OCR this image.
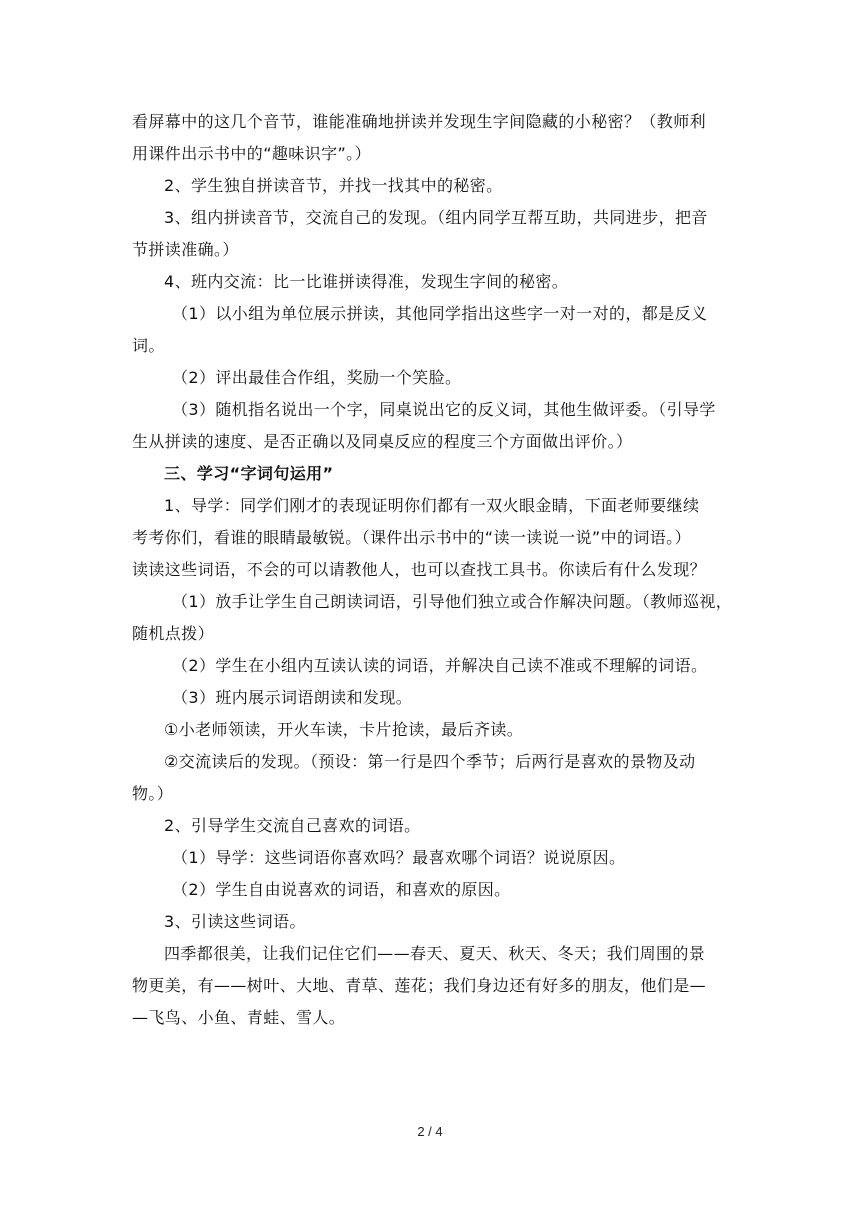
看屏幕中的这几个音节，谁能准确地拼读并发现生字间隐藏的小秘密？（教师利
用课件出示书中的“趣味识字”。）
2、学生独自拼读音节，并找一找其中的秘密。
3、组内拼读音节，交流自己的发现。（组内同学互帮互助，共同进步，把音
节拼读准确。）
4、班内交流：比一比谁拼读得准，发现生字间的秘密。
（1）以小组为单位展示拼读，其他同学指出这些字一对一对的，都是反义
词。
（2）评出最佳合作组，奖励一个笑脸。
（3）随机指名说出一个字，同桌说出它的反义词，其他生做评委。（引导学
生从拼读的速度、是否正确以及同桌反应的程度三个方面做出评价。）
三、学习“字词句运用”
1、导学：同学们刚才的表现证明你们都有一双火眼金睛，下面老师要继续
考考你们，看谁的眼睛最敏锐。（课件出示书中的“读一读说一说”中的词语。）
读读这些词语，不会的可以请教他人，也可以查找工具书。你读后有什么发现？
（1）放手让学生自己朗读词语，引导他们独立或合作解决问题。（教师巡视，
随机点拨）
（2）学生在小组内互读认读的词语，并解决自己读不准或不理解的词语。
（3）班内展示词语朗读和发现。
①小老师领读，开火车读，卡片抢读，最后齐读。
②交流读后的发现。（预设：第一行是四个季节；后两行是喜欢的景物及动
物。）
2、引导学生交流自己喜欢的词语。
（1）导学：这些词语你喜欢吗？最喜欢哪个词语？说说原因。
（2）学生自由说喜欢的词语，和喜欢的原因。
3、引读这些词语。
四季都很美，让我们记住它们——春天、夏天、秋天、冬天；我们周围的景
物更美，有——树叶、大地、青草、莲花；我们身边还有好多的朋友，他们是—
—飞鸟、小鱼、青蛙、雪人。
2 / 4
